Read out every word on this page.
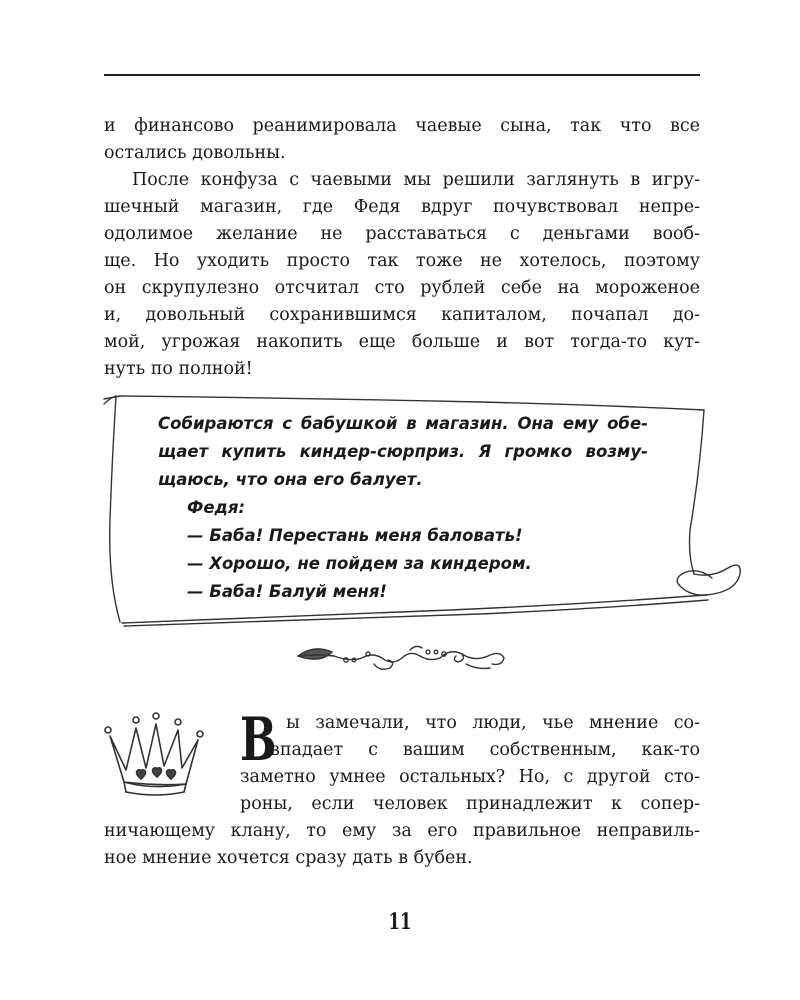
и финансово реанимировала чаевые сына, так что все
остались довольны.
После конфуза с чаевыми мы решили заглянуть в игру-
шечный магазин, где Федя вдруг почувствовал непре-
одолимое желание не расставаться с деньгами вооб-
ще. Но уходить просто так тоже не хотелось, поэтому
он скрупулезно отсчитал сто рублей себе на мороженое
и, довольный сохранившимся капиталом, почапал до-
мой, угрожая накопить еще больше и вот тогда-то кут-
нуть по полной!
Собираются с бабушкой в магазин. Она ему обе-
щает купить киндер-сюрприз. Я громко возму-
щаюсь, что она его балует.
Федя:
— Баба! Перестань меня баловать!
— Хорошо, не пойдем за киндером.
— Баба! Балуй меня!
В ы замечали, что люди, чье мнение со-
впадает с вашим собственным, как-то
заметно умнее остальных? Но, с другой сто-
роны, если человек принадлежит к сопер-
ничающему клану, то ему за его правильное неправиль-
ное мнение хочется сразу дать в бубен.
11
